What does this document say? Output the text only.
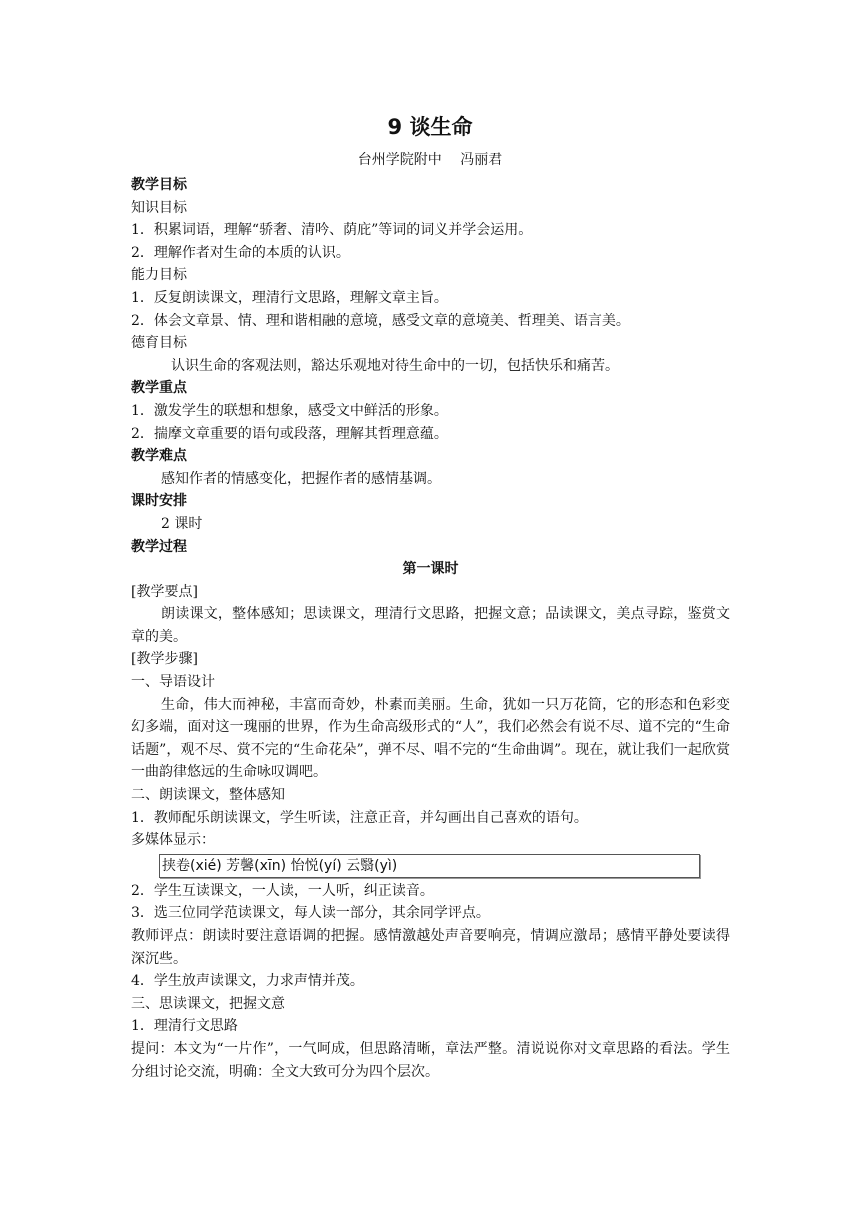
9 谈生命
台州学院附中　 冯丽君
教学目标
知识目标
1．积累词语，理解“骄奢、清吟、荫庇”等词的词义并学会运用。
2．理解作者对生命的本质的认识。
能力目标
1．反复朗读课文，理清行文思路，理解文章主旨。
2．体会文章景、情、理和谐相融的意境，感受文章的意境美、哲理美、语言美。
德育目标
认识生命的客观法则，豁达乐观地对待生命中的一切，包括快乐和痛苦。
教学重点
1．激发学生的联想和想象，感受文中鲜活的形象。
2．揣摩文章重要的语句或段落，理解其哲理意蕴。
教学难点
感知作者的情感变化，把握作者的感情基调。
课时安排
2 课时
教学过程
第一课时
[教学要点]
朗读课文，整体感知；思读课文，理清行文思路，把握文意；品读课文，美点寻踪，鉴赏文章的美。
[教学步骤]
一、导语设计
生命，伟大而神秘，丰富而奇妙，朴素而美丽。生命，犹如一只万花筒，它的形态和色彩变幻多端，面对这一瑰丽的世界，作为生命高级形式的“人”，我们必然会有说不尽、道不完的“生命话题”，观不尽、赏不完的“生命花朵”，弹不尽、唱不完的“生命曲调”。现在，就让我们一起欣赏一曲韵律悠远的生命咏叹调吧。
二、朗读课文，整体感知
1．教师配乐朗读课文，学生听读，注意正音，并勾画出自己喜欢的语句。
多媒体显示：
挟卷(xié) 芳馨(xīn) 怡悦(yí) 云翳(yì)
2．学生互读课文，一人读，一人听，纠正读音。
3．选三位同学范读课文，每人读一部分，其余同学评点。
教师评点：朗读时要注意语调的把握。感情激越处声音要响亮，情调应激昂；感情平静处要读得深沉些。
4．学生放声读课文，力求声情并茂。
三、思读课文，把握文意
1．理清行文思路
提问：本文为“一片作”，一气呵成，但思路清晰，章法严整。清说说你对文章思路的看法。学生分组讨论交流，明确：全文大致可分为四个层次。
